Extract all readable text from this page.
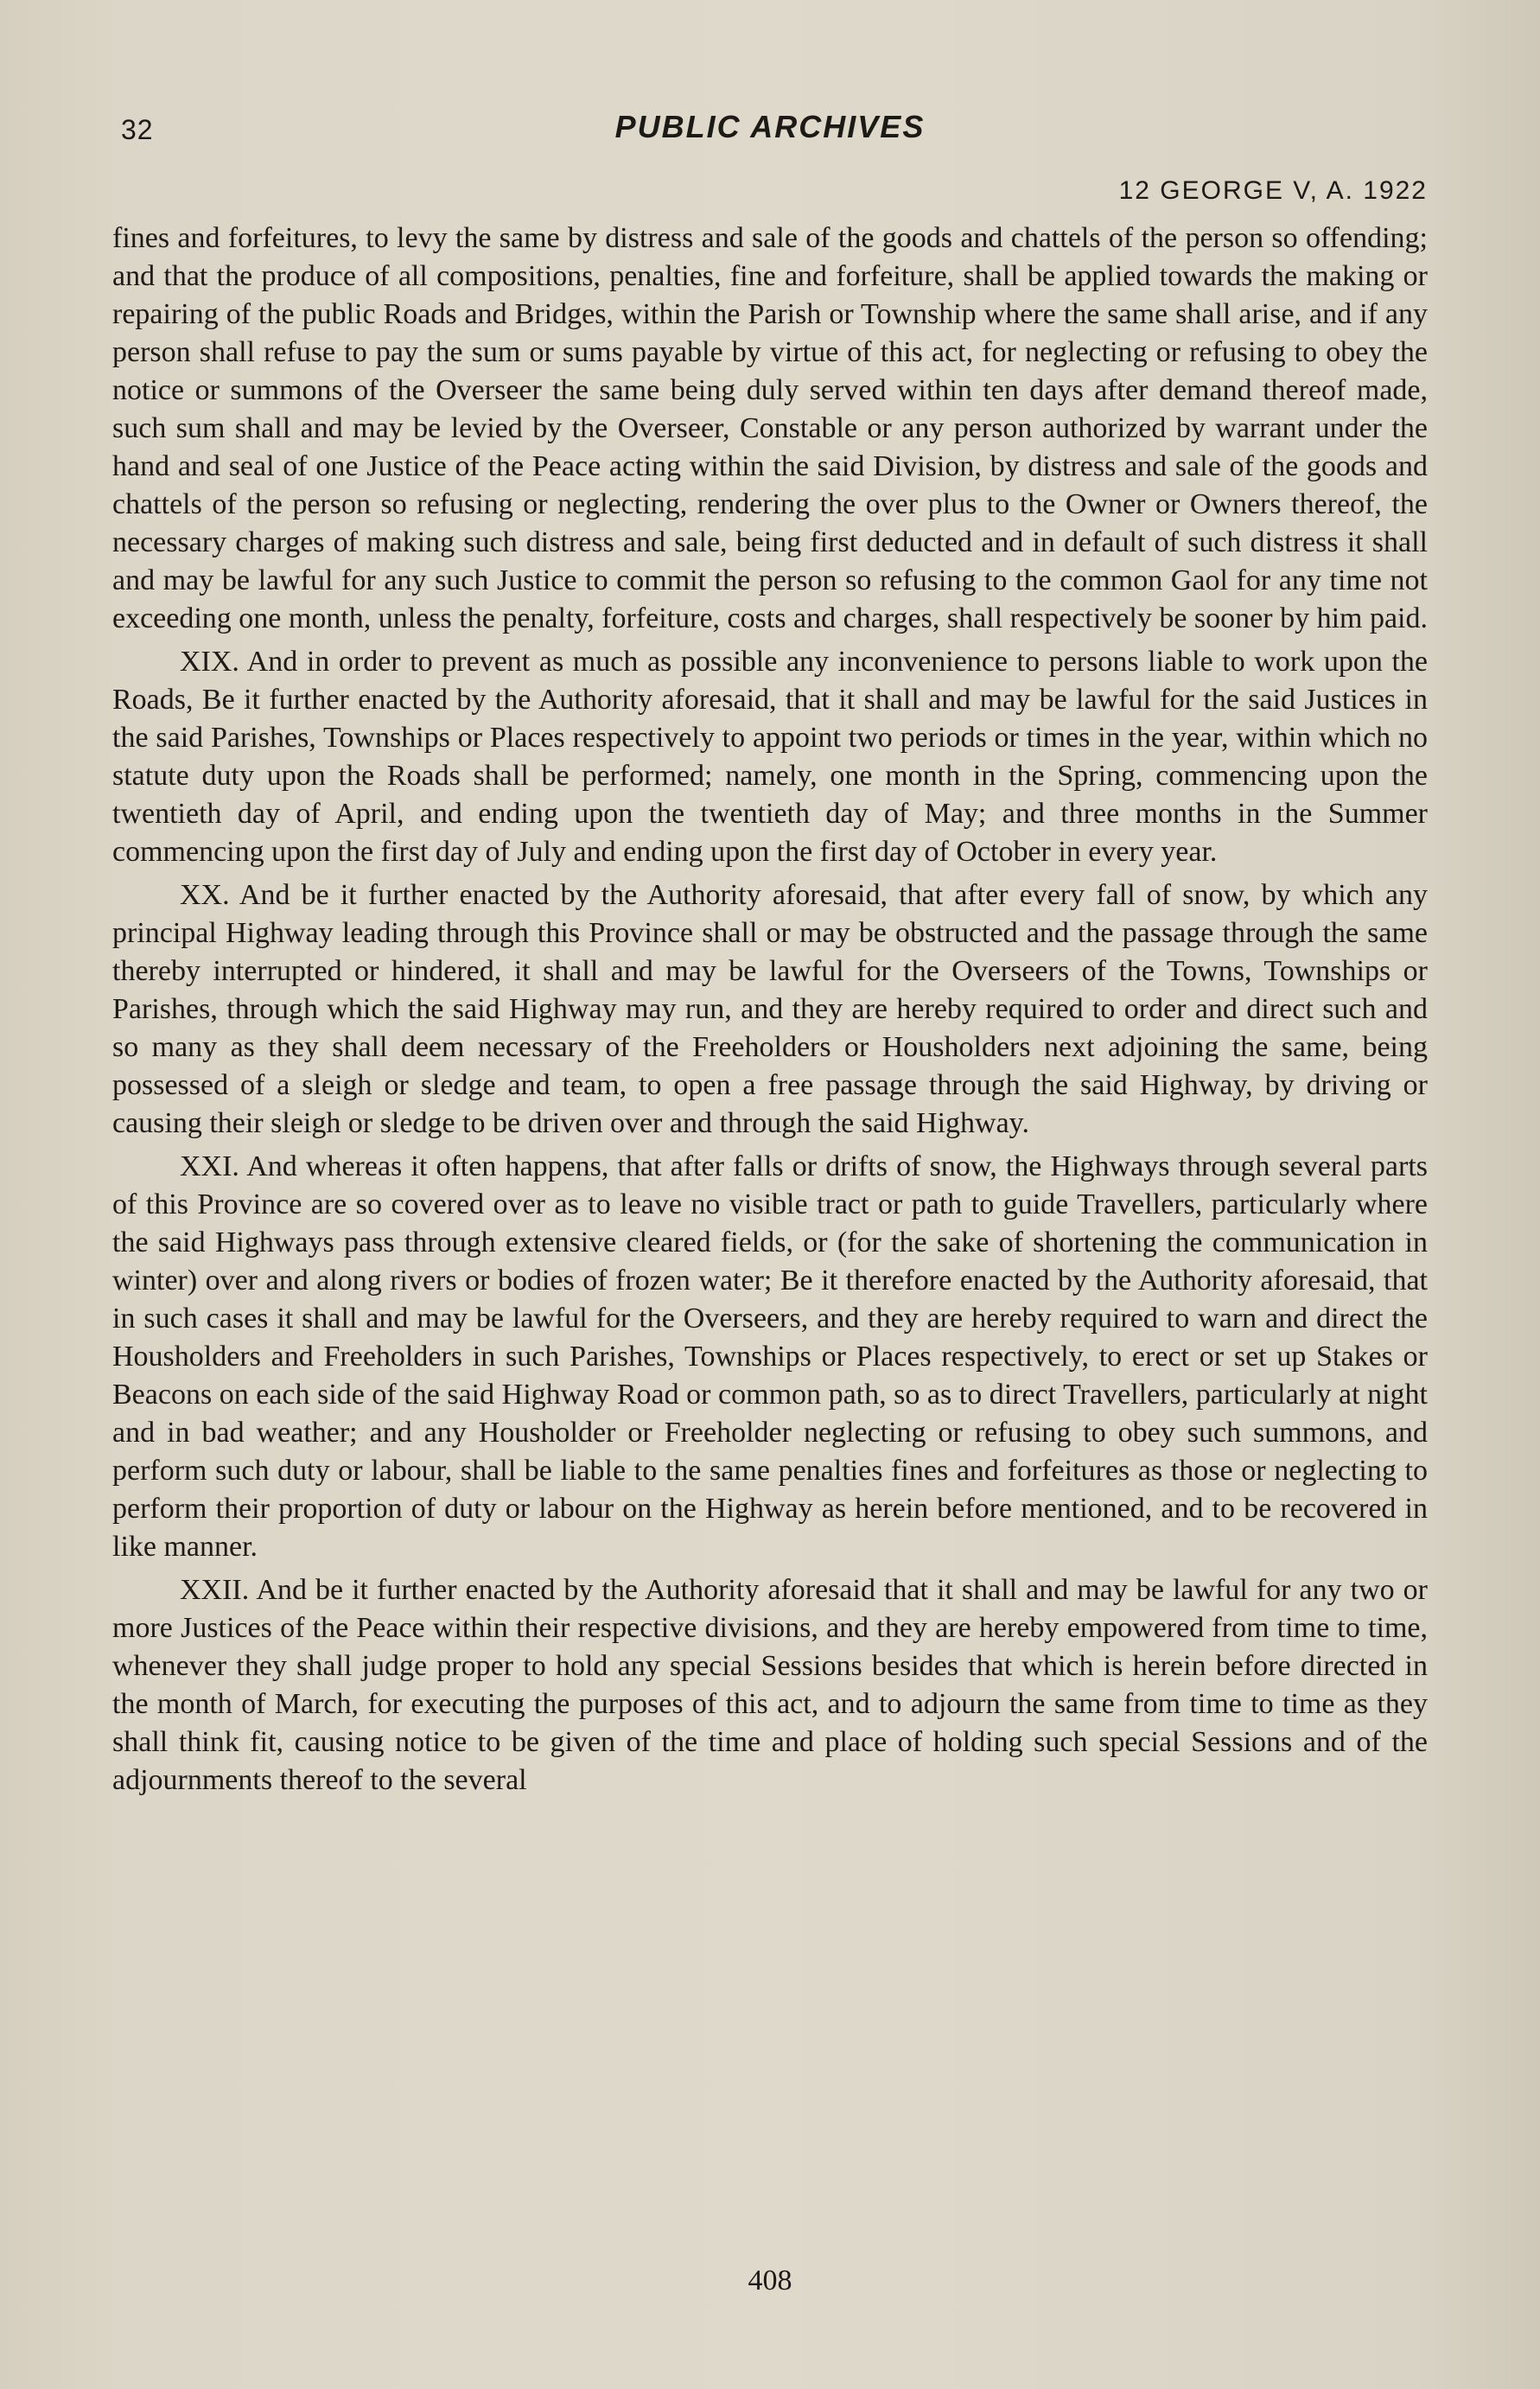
32	PUBLIC ARCHIVES
12 GEORGE V, A. 1922

fines and forfeitures, to levy the same by distress and sale of the goods and chattels of the person so offending; and that the produce of all compositions, penalties, fine and forfeiture, shall be applied towards the making or repairing of the public Roads and Bridges, within the Parish or Township where the same shall arise, and if any person shall refuse to pay the sum or sums payable by virtue of this act, for neglecting or refusing to obey the notice or summons of the Overseer the same being duly served within ten days after demand thereof made, such sum shall and may be levied by the Overseer, Constable or any person authorized by warrant under the hand and seal of one Justice of the Peace acting within the said Division, by distress and sale of the goods and chattels of the person so refusing or neglecting, rendering the over plus to the Owner or Owners thereof, the necessary charges of making such distress and sale, being first deducted and in default of such distress it shall and may be lawful for any such Justice to commit the person so refusing to the common Gaol for any time not exceeding one month, unless the penalty, forfeiture, costs and charges, shall respectively be sooner by him paid.

XIX. And in order to prevent as much as possible any inconvenience to persons liable to work upon the Roads, Be it further enacted by the Authority aforesaid, that it shall and may be lawful for the said Justices in the said Parishes, Townships or Places respectively to appoint two periods or times in the year, within which no statute duty upon the Roads shall be performed; namely, one month in the Spring, commencing upon the twentieth day of April, and ending upon the twentieth day of May; and three months in the Summer commencing upon the first day of July and ending upon the first day of October in every year.

XX. And be it further enacted by the Authority aforesaid, that after every fall of snow, by which any principal Highway leading through this Province shall or may be obstructed and the passage through the same thereby interrupted or hindered, it shall and may be lawful for the Overseers of the Towns, Townships or Parishes, through which the said Highway may run, and they are hereby required to order and direct such and so many as they shall deem necessary of the Freeholders or Housholders next adjoining the same, being possessed of a sleigh or sledge and team, to open a free passage through the said Highway, by driving or causing their sleigh or sledge to be driven over and through the said Highway.

XXI. And whereas it often happens, that after falls or drifts of snow, the Highways through several parts of this Province are so covered over as to leave no visible tract or path to guide Travellers, particularly where the said Highways pass through extensive cleared fields, or (for the sake of shortening the communication in winter) over and along rivers or bodies of frozen water; Be it therefore enacted by the Authority aforesaid, that in such cases it shall and may be lawful for the Overseers, and they are hereby required to warn and direct the Housholders and Freeholders in such Parishes, Townships or Places respectively, to erect or set up Stakes or Beacons on each side of the said Highway Road or common path, so as to direct Travellers, particularly at night and in bad weather; and any Housholder or Freeholder neglecting or refusing to obey such summons, and perform such duty or labour, shall be liable to the same penalties fines and forfeitures as those or neglecting to perform their proportion of duty or labour on the Highway as herein before mentioned, and to be recovered in like manner.

XXII. And be it further enacted by the Authority aforesaid that it shall and may be lawful for any two or more Justices of the Peace within their respective divisions, and they are hereby empowered from time to time, whenever they shall judge proper to hold any special Sessions besides that which is herein before directed in the month of March, for executing the purposes of this act, and to adjourn the same from time to time as they shall think fit, causing notice to be given of the time and place of holding such special Sessions and of the adjournments thereof to the several

408
